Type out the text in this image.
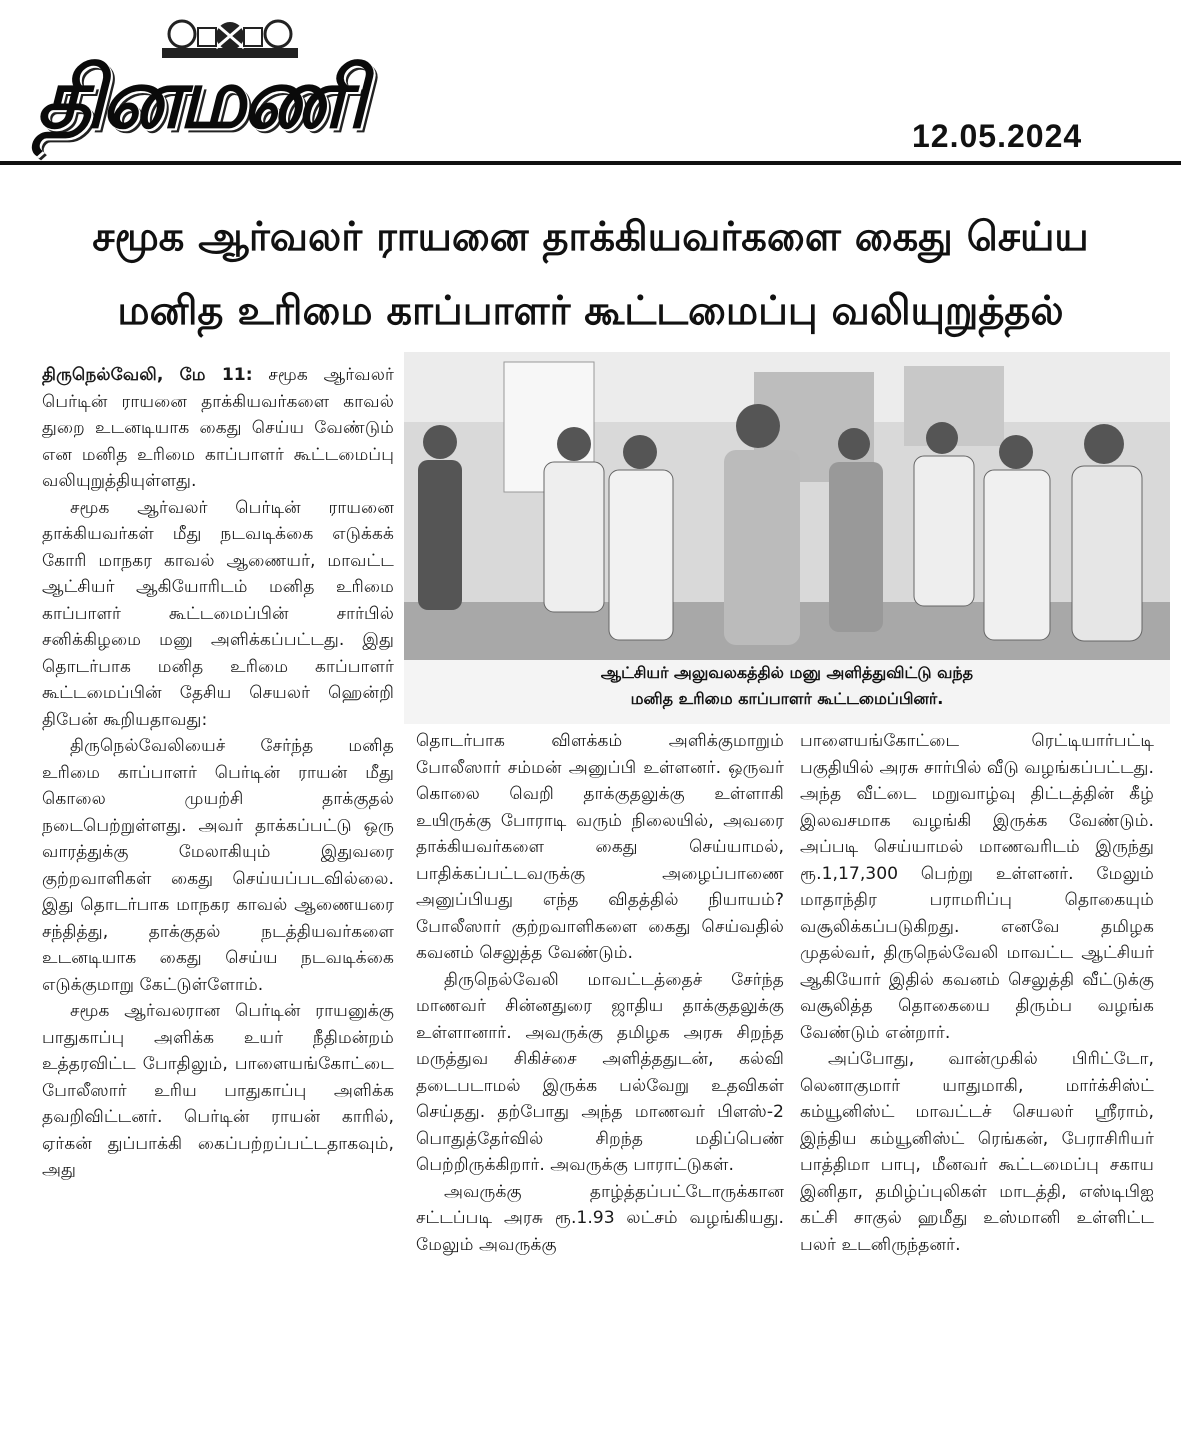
தினமணி	12.05.2024
சமூக ஆர்வலர் ராயனை தாக்கியவர்களை கைது செய்ய
மனித உரிமை காப்பாளர் கூட்டமைப்பு வலியுறுத்தல்

திருநெல்வேலி, மே 11: சமூக ஆர்வலர் பெர்டின் ராயனை தாக்கியவர்களை காவல் துறை உடனடியாக கைது செய்ய வேண்டும் என மனித உரிமை காப்பாளர் கூட்டமைப்பு வலியுறுத்தியுள்ளது.

சமூக ஆர்வலர் பெர்டின் ராயனை தாக்கியவர்கள் மீது நடவடிக்கை எடுக்கக் கோரி மாநகர காவல் ஆணையர், மாவட்ட ஆட்சியர் ஆகியோரிடம் மனித உரிமை காப்பாளர் கூட்டமைப்பின் சார்பில் சனிக்கிழமை மனு அளிக்கப்பட்டது. இது தொடர்பாக மனித உரிமை காப்பாளர் கூட்டமைப்பின் தேசிய செயலர் ஹென்றி திபேன் கூறியதாவது:

திருநெல்வேலியைச் சேர்ந்த மனித உரிமை காப்பாளர் பெர்டின் ராயன் மீது கொலை முயற்சி தாக்குதல் நடைபெற்றுள்ளது. அவர் தாக்கப்பட்டு ஒரு வாரத்துக்கு மேலாகியும் இதுவரை குற்றவாளிகள் கைது செய்யப்படவில்லை. இது தொடர்பாக மாநகர காவல் ஆணையரை சந்தித்து, தாக்குதல் நடத்தியவர்களை உடனடியாக கைது செய்ய நடவடிக்கை எடுக்குமாறு கேட்டுள்ளோம்.

சமூக ஆர்வலரான பெர்டின் ராயனுக்கு பாதுகாப்பு அளிக்க உயர் நீதிமன்றம் உத்தரவிட்ட போதிலும், பாளையங்கோட்டை போலீஸார் உரிய பாதுகாப்பு அளிக்க தவறிவிட்டனர். பெர்டின் ராயன் காரில், ஏர்கன் துப்பாக்கி கைப்பற்றப்பட்டதாகவும், அது

ஆட்சியர் அலுவலகத்தில் மனு அளித்துவிட்டு வந்த
மனித உரிமை காப்பாளர் கூட்டமைப்பினர்.

தொடர்பாக விளக்கம் அளிக்குமாறும் போலீஸார் சம்மன் அனுப்பி உள்ளனர். ஒருவர் கொலை வெறி தாக்குதலுக்கு உள்ளாகி உயிருக்கு போராடி வரும் நிலையில், அவரை தாக்கியவர்களை கைது செய்யாமல், பாதிக்கப்பட்டவருக்கு அழைப்பாணை அனுப்பியது எந்த விதத்தில் நியாயம்? போலீஸார் குற்றவாளிகளை கைது செய்வதில் கவனம் செலுத்த வேண்டும்.

திருநெல்வேலி மாவட்டத்தைச் சேர்ந்த மாணவர் சின்னதுரை ஜாதிய தாக்குதலுக்கு உள்ளானார். அவருக்கு தமிழக அரசு சிறந்த மருத்துவ சிகிச்சை அளித்ததுடன், கல்வி தடைபடாமல் இருக்க பல்வேறு உதவிகள் செய்தது. தற்போது அந்த மாணவர் பிளஸ்-2 பொதுத்தேர்வில் சிறந்த மதிப்பெண் பெற்றிருக்கிறார். அவருக்கு பாராட்டுகள்.

அவருக்கு தாழ்த்தப்பட்டோருக்கான சட்டப்படி அரசு ரூ.1.93 லட்சம் வழங்கியது. மேலும் அவருக்கு

பாளையங்கோட்டை ரெட்டியார்பட்டி பகுதியில் அரசு சார்பில் வீடு வழங்கப்பட்டது. அந்த வீட்டை மறுவாழ்வு திட்டத்தின் கீழ் இலவசமாக வழங்கி இருக்க வேண்டும். அப்படி செய்யாமல் மாணவரிடம் இருந்து ரூ.1,17,300 பெற்று உள்ளனர். மேலும் மாதாந்திர பராமரிப்பு தொகையும் வசூலிக்கப்படுகிறது. எனவே தமிழக முதல்வர், திருநெல்வேலி மாவட்ட ஆட்சியர் ஆகியோர் இதில் கவனம் செலுத்தி வீட்டுக்கு வசூலித்த தொகையை திரும்ப வழங்க வேண்டும் என்றார்.

அப்போது, வான்முகில் பிரிட்டோ, லெனாகுமார் யாதுமாகி, மார்க்சிஸ்ட் கம்யூனிஸ்ட் மாவட்டச் செயலர் ஸ்ரீராம், இந்திய கம்யூனிஸ்ட் ரெங்கன், பேராசிரியர் பாத்திமா பாபு, மீனவர் கூட்டமைப்பு சகாய இனிதா, தமிழ்ப்புலிகள் மாடத்தி, எஸ்டிபிஐ கட்சி சாகுல் ஹமீது உஸ்மானி உள்ளிட்ட பலர் உடனிருந்தனர்.
